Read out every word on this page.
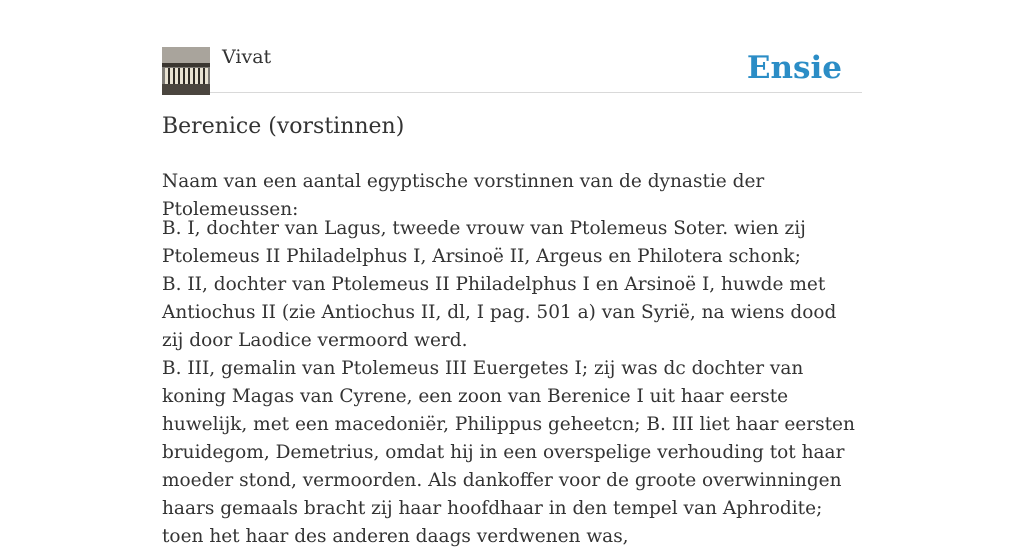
Vivat	Ensie
Berenice (vorstinnen)

Naam van een aantal egyptische vorstinnen van de dynastie der Ptolemeussen:

B. I, dochter van Lagus, tweede vrouw van Ptolemeus Soter. wien zij Ptolemeus II Philadelphus I, Arsinoë II, Argeus en Philotera schonk;
B. II, dochter van Ptolemeus II Philadelphus I en Arsinoë I, huwde met Antiochus II (zie Antiochus II, dl, I pag. 501 a) van Syrië, na wiens dood zij door Laodice vermoord werd.
B. III, gemalin van Ptolemeus III Euergetes I; zij was dc dochter van koning Magas van Cyrene, een zoon van Berenice I uit haar eerste huwelijk, met een macedoniër, Philippus geheetcn; B. III liet haar eersten bruidegom, Demetrius, omdat hij in een overspelige verhouding tot haar moeder stond, vermoorden. Als dankoffer voor de groote overwinningen haars gemaals bracht zij haar hoofdhaar in den tempel van Aphrodite; toen het haar des anderen daags verdwenen was,
